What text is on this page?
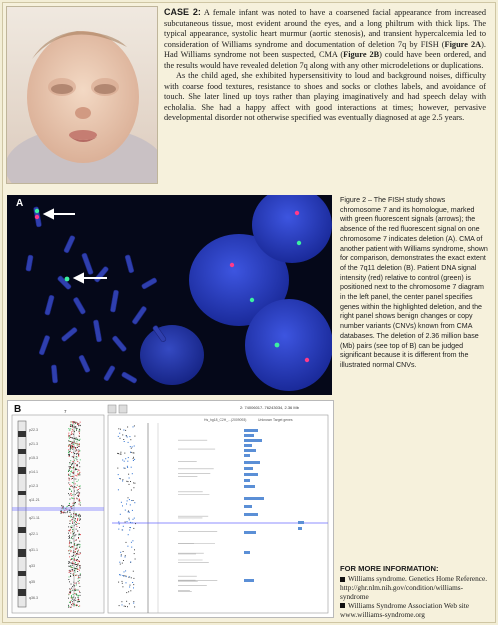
CASE 2: A female infant was noted to have a coarsened facial appearance from increased subcutaneous tissue, most evident around the eyes, and a long philtrum with thick lips. The typical appearance, systolic heart murmur (aortic stenosis), and transient hypercalcemia led to consideration of Williams syndrome and documentation of deletion 7q by FISH (Figure 2A). Had Williams syndrome not been suspected, CMA (Figure 2B) could have been ordered, and the results would have revealed deletion 7q along with any other microdeletions or duplications.

As the child aged, she exhibited hypersensitivity to loud and background noises, difficulty with coarse food textures, resistance to shoes and socks or clothes labels, and avoidance of touch. She later lined up toys rather than playing imaginatively and had speech delay with echolalia. She had a happy affect with good interactions at times; however, pervasive developmental disorder not otherwise specified was eventually diagnosed at age 2.5 years.

A	Figure 2 – The FISH study shows chromosome 7 and its homologue, marked with green fluorescent signals (arrows); the absence of the red fluorescent signal on one chromosome 7 indicates deletion (A). CMA of another patient with Williams syndrome, shown for comparison, demonstrates the exact extent of the 7q11 deletion (B). Patient DNA signal intensity (red) relative to control (green) is positioned next to the chromosome 7 diagram in the left panel, the center panel specifies genes within the highlighted deletion, and the right panel shows benign changes or copy number variants (CNVs) known from CMA databases. The deletion of 2.36 million base (Mb) pairs (see top of B) can be judged significant because it is different from the illustrated normal CNVs.
p22.3
p21.3
p15.3
p14.1
p12.3
q11.21
q21.11
q22.1
q31.1
q33
q35
q36.3
7
2: 74006017..76243034, 2.36 Mb
Hs_hg18_C2H_...(2009093)	Unknown Target genes
B
FOR MORE INFORMATION:
Williams syndrome. Genetics Home Reference. http://ghr.nlm.nih.gov/condition/williams-syndrome
Williams Syndrome Association Web site www.williams-syndrome.org
